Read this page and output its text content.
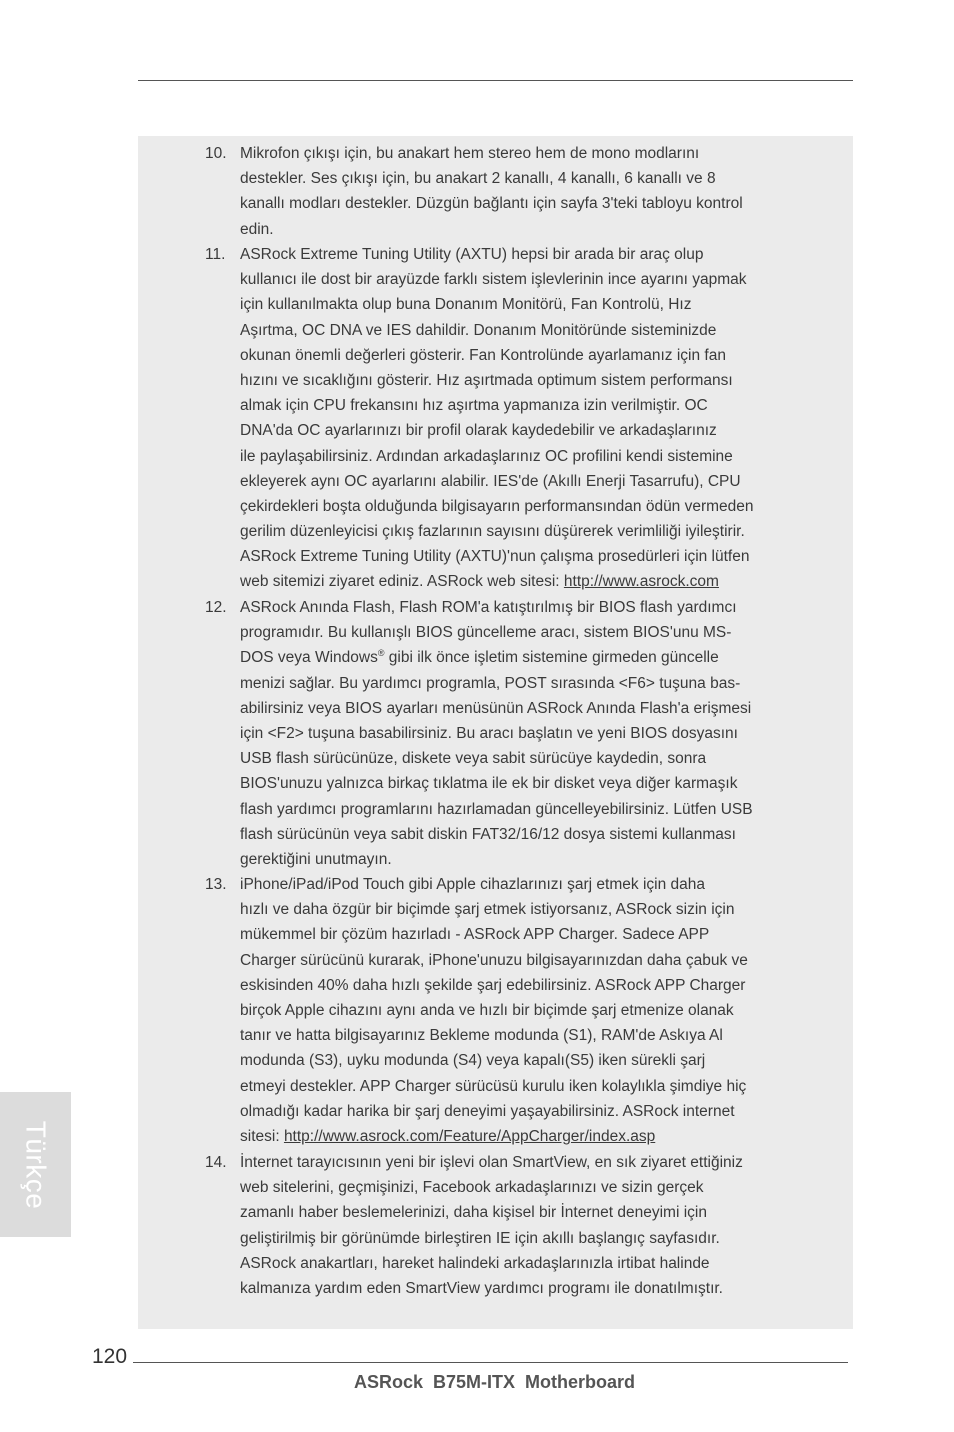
Türkçe
10. Mikrofon çıkışı için, bu anakart hem stereo hem de mono modlarını
destekler. Ses çıkışı için, bu anakart 2 kanallı, 4 kanallı, 6 kanallı ve 8
kanallı modları destekler. Düzgün bağlantı için sayfa 3'teki tabloyu kontrol
edin.
11. ASRock Extreme Tuning Utility (AXTU) hepsi bir arada bir araç olup
kullanıcı ile dost bir arayüzde farklı sistem işlevlerinin ince ayarını yapmak
için kullanılmakta olup buna Donanım Monitörü, Fan Kontrolü, Hız
Aşırtma, OC DNA ve IES dahildir. Donanım Monitöründe sisteminizde
okunan önemli değerleri gösterir. Fan Kontrolünde ayarlamanız için fan
hızını ve sıcaklığını gösterir. Hız aşırtmada optimum sistem performansı
almak için CPU frekansını hız aşırtma yapmanıza izin verilmiştir. OC
DNA'da OC ayarlarınızı bir profil olarak kaydedebilir ve arkadaşlarınız
ile paylaşabilirsiniz. Ardından arkadaşlarınız OC profilini kendi sistemine
ekleyerek aynı OC ayarlarını alabilir. IES'de (Akıllı Enerji Tasarrufu), CPU
çekirdekleri boşta olduğunda bilgisayarın performansından ödün vermeden
gerilim düzenleyicisi çıkış fazlarının sayısını düşürerek verimliliği iyileştirir.
ASRock Extreme Tuning Utility (AXTU)'nun çalışma prosedürleri için lütfen
web sitemizi ziyaret ediniz. ASRock web sitesi: http://www.asrock.com
12. ASRock Anında Flash, Flash ROM'a katıştırılmış bir BIOS flash yardımcı
programıdır. Bu kullanışlı BIOS güncelleme aracı, sistem BIOS'unu MS-
DOS veya Windows® gibi ilk önce işletim sistemine girmeden güncelle
menizi sağlar. Bu yardımcı programla, POST sırasında <F6> tuşuna bas-
abilirsiniz veya BIOS ayarları menüsünün ASRock Anında Flash'a erişmesi
için <F2> tuşuna basabilirsiniz. Bu aracı başlatın ve yeni BIOS dosyasını
USB flash sürücünüze, diskete veya sabit sürücüye kaydedin, sonra
BIOS'unuzu yalnızca birkaç tıklatma ile ek bir disket veya diğer karmaşık
flash yardımcı programlarını hazırlamadan güncelleyebilirsiniz. Lütfen USB
flash sürücünün veya sabit diskin FAT32/16/12 dosya sistemi kullanması
gerektiğini unutmayın.
13. iPhone/iPad/iPod Touch gibi Apple cihazlarınızı şarj etmek için daha
hızlı ve daha özgür bir biçimde şarj etmek istiyorsanız, ASRock sizin için
mükemmel bir çözüm hazırladı - ASRock APP Charger. Sadece APP
Charger sürücünü kurarak, iPhone'unuzu bilgisayarınızdan daha çabuk ve
eskisinden 40% daha hızlı şekilde şarj edebilirsiniz. ASRock APP Charger
birçok Apple cihazını aynı anda ve hızlı bir biçimde şarj etmenize olanak
tanır ve hatta bilgisayarınız Bekleme modunda (S1), RAM'de Askıya Al
modunda (S3), uyku modunda (S4) veya kapalı(S5) iken sürekli şarj
etmeyi destekler. APP Charger sürücüsü kurulu iken kolaylıkla şimdiye hiç
olmadığı kadar harika bir şarj deneyimi yaşayabilirsiniz. ASRock internet
sitesi: http://www.asrock.com/Feature/AppCharger/index.asp
14. İnternet tarayıcısının yeni bir işlevi olan SmartView, en sık ziyaret ettiğiniz
web sitelerini, geçmişinizi, Facebook arkadaşlarınızı ve sizin gerçek
zamanlı haber beslemelerinizi, daha kişisel bir İnternet deneyimi için
geliştirilmiş bir görünümde birleştiren IE için akıllı başlangıç sayfasıdır.
ASRock anakartları, hareket halindeki arkadaşlarınızla irtibat halinde
kalmanıza yardım eden SmartView yardımcı programı ile donatılmıştır.
120
ASRock  B75M-ITX  Motherboard
